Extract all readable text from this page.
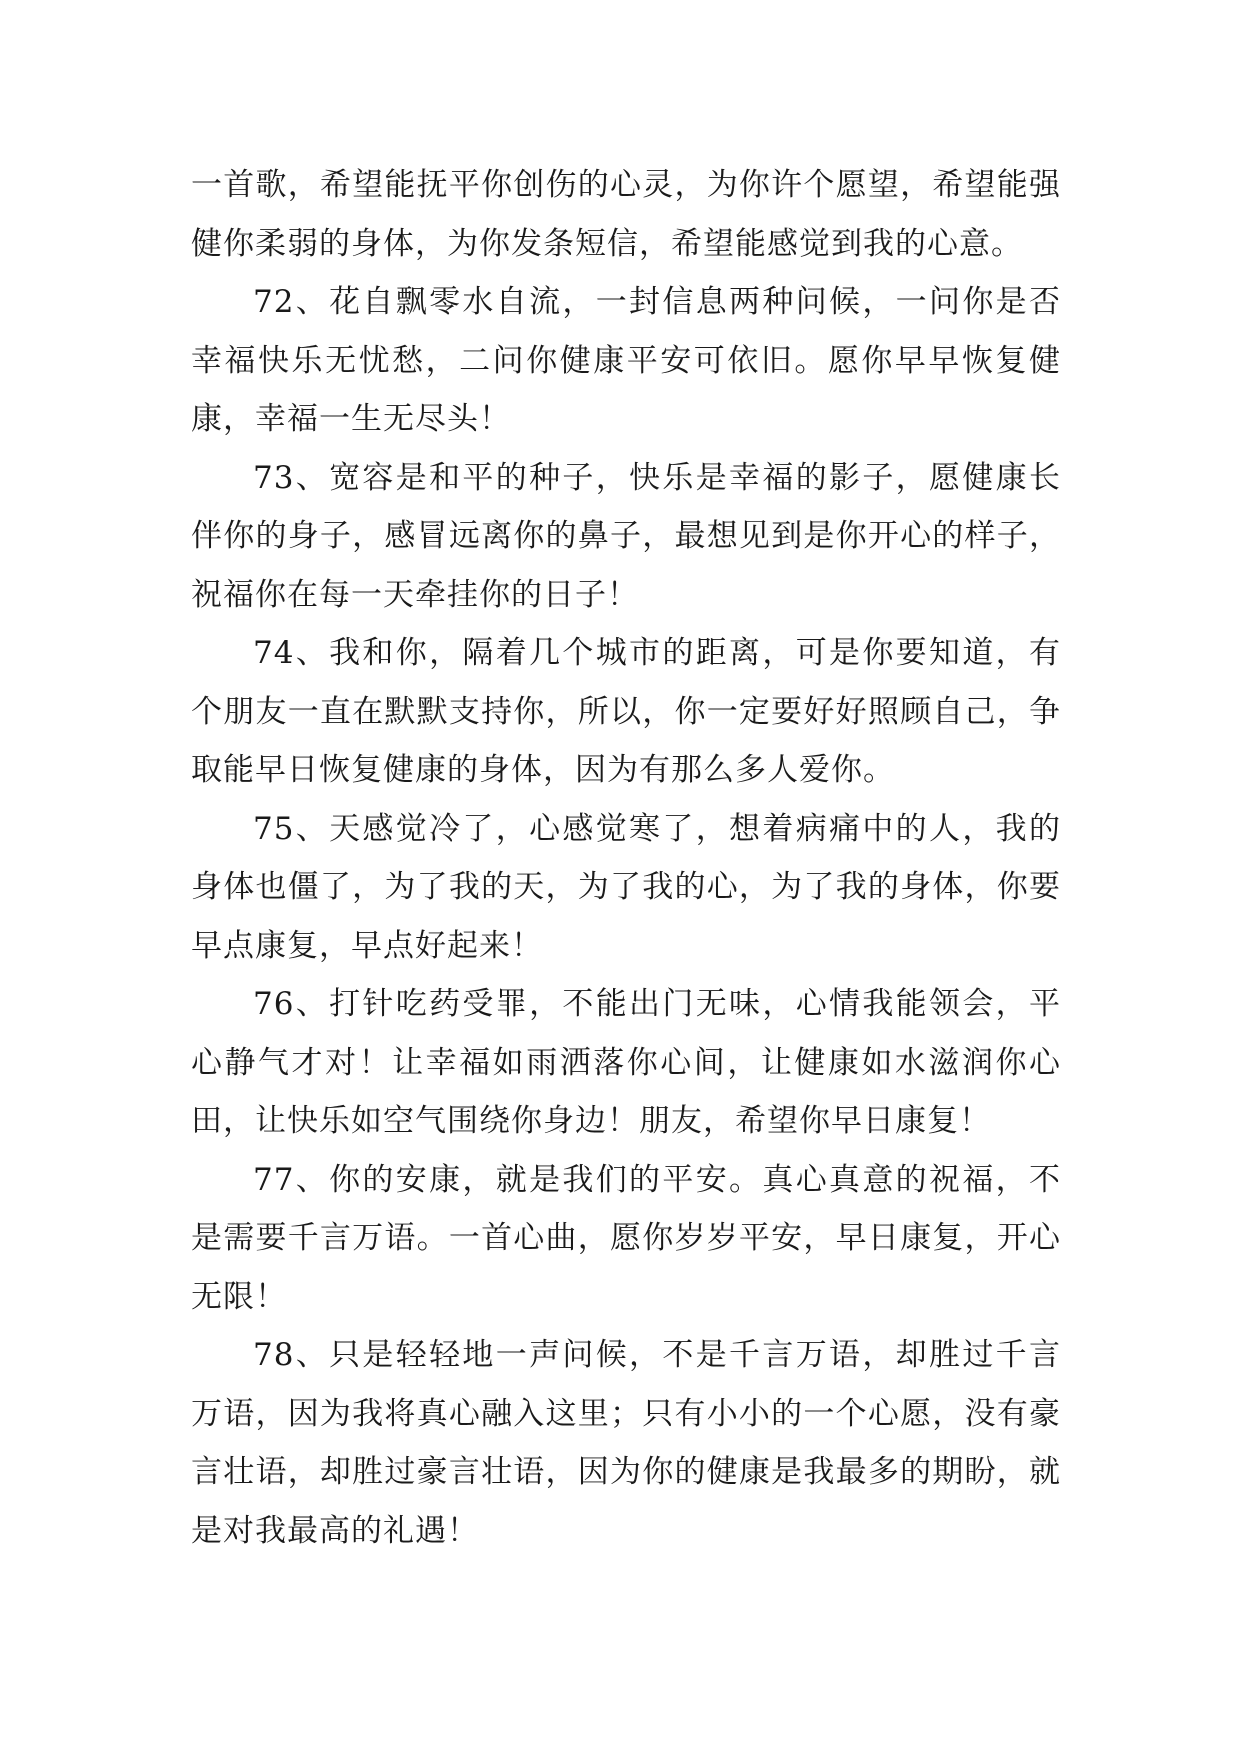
一首歌，希望能抚平你创伤的心灵，为你许个愿望，希望能强健你柔弱的身体，为你发条短信，希望能感觉到我的心意。

72、花自飘零水自流，一封信息两种问候，一问你是否幸福快乐无忧愁，二问你健康平安可依旧。愿你早早恢复健康，幸福一生无尽头！

73、宽容是和平的种子，快乐是幸福的影子，愿健康长伴你的身子，感冒远离你的鼻子，最想见到是你开心的样子，祝福你在每一天牵挂你的日子！

74、我和你，隔着几个城市的距离，可是你要知道，有个朋友一直在默默支持你，所以，你一定要好好照顾自己，争取能早日恢复健康的身体，因为有那么多人爱你。

75、天感觉冷了，心感觉寒了，想着病痛中的人，我的身体也僵了，为了我的天，为了我的心，为了我的身体，你要早点康复，早点好起来！

76、打针吃药受罪，不能出门无味，心情我能领会，平心静气才对！让幸福如雨洒落你心间，让健康如水滋润你心田，让快乐如空气围绕你身边！朋友，希望你早日康复！

77、你的安康，就是我们的平安。真心真意的祝福，不是需要千言万语。一首心曲，愿你岁岁平安，早日康复，开心无限！

78、只是轻轻地一声问候，不是千言万语，却胜过千言万语，因为我将真心融入这里；只有小小的一个心愿，没有豪言壮语，却胜过豪言壮语，因为你的健康是我最多的期盼，就是对我最高的礼遇！
